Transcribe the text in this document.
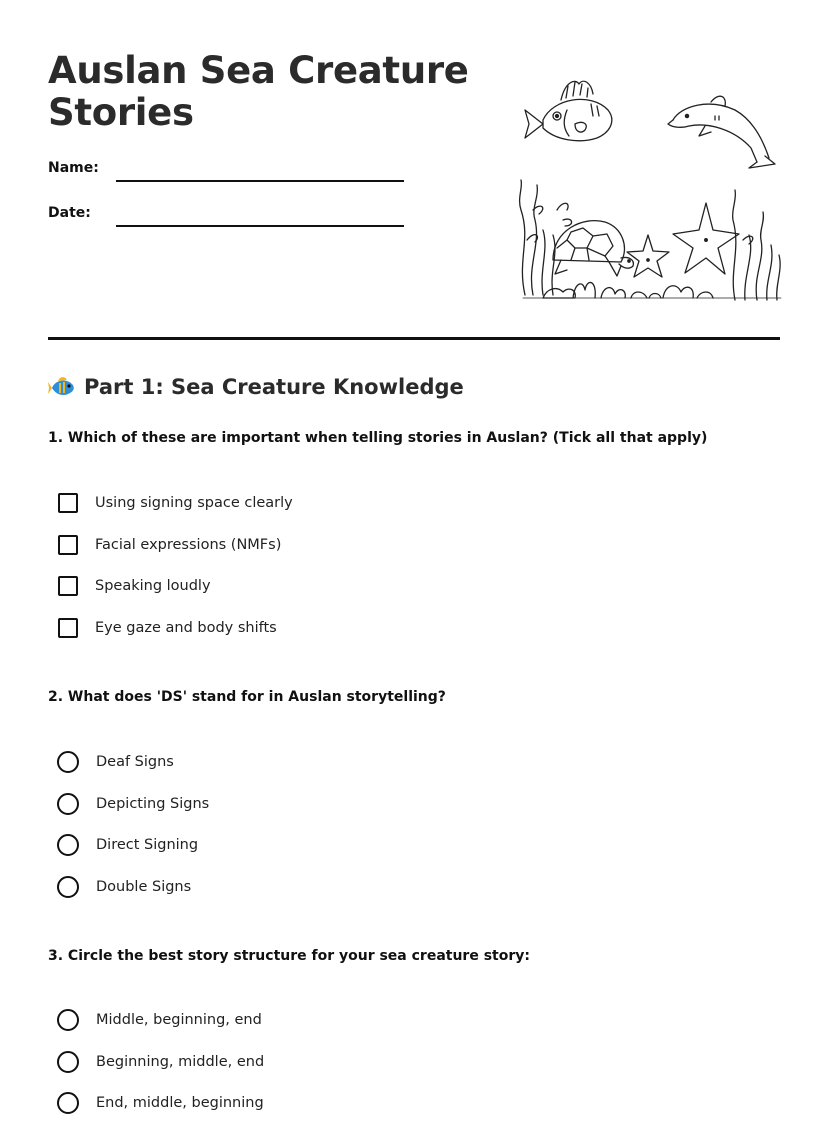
Auslan Sea Creature
Stories
Name:
Date:
Part 1: Sea Creature Knowledge

1. Which of these are important when telling stories in Auslan? (Tick all that apply)

Using signing space clearly
Facial expressions (NMFs)
Speaking loudly
Eye gaze and body shifts

2. What does 'DS' stand for in Auslan storytelling?

Deaf Signs
Depicting Signs
Direct Signing
Double Signs

3. Circle the best story structure for your sea creature story:

Middle, beginning, end
Beginning, middle, end
End, middle, beginning
